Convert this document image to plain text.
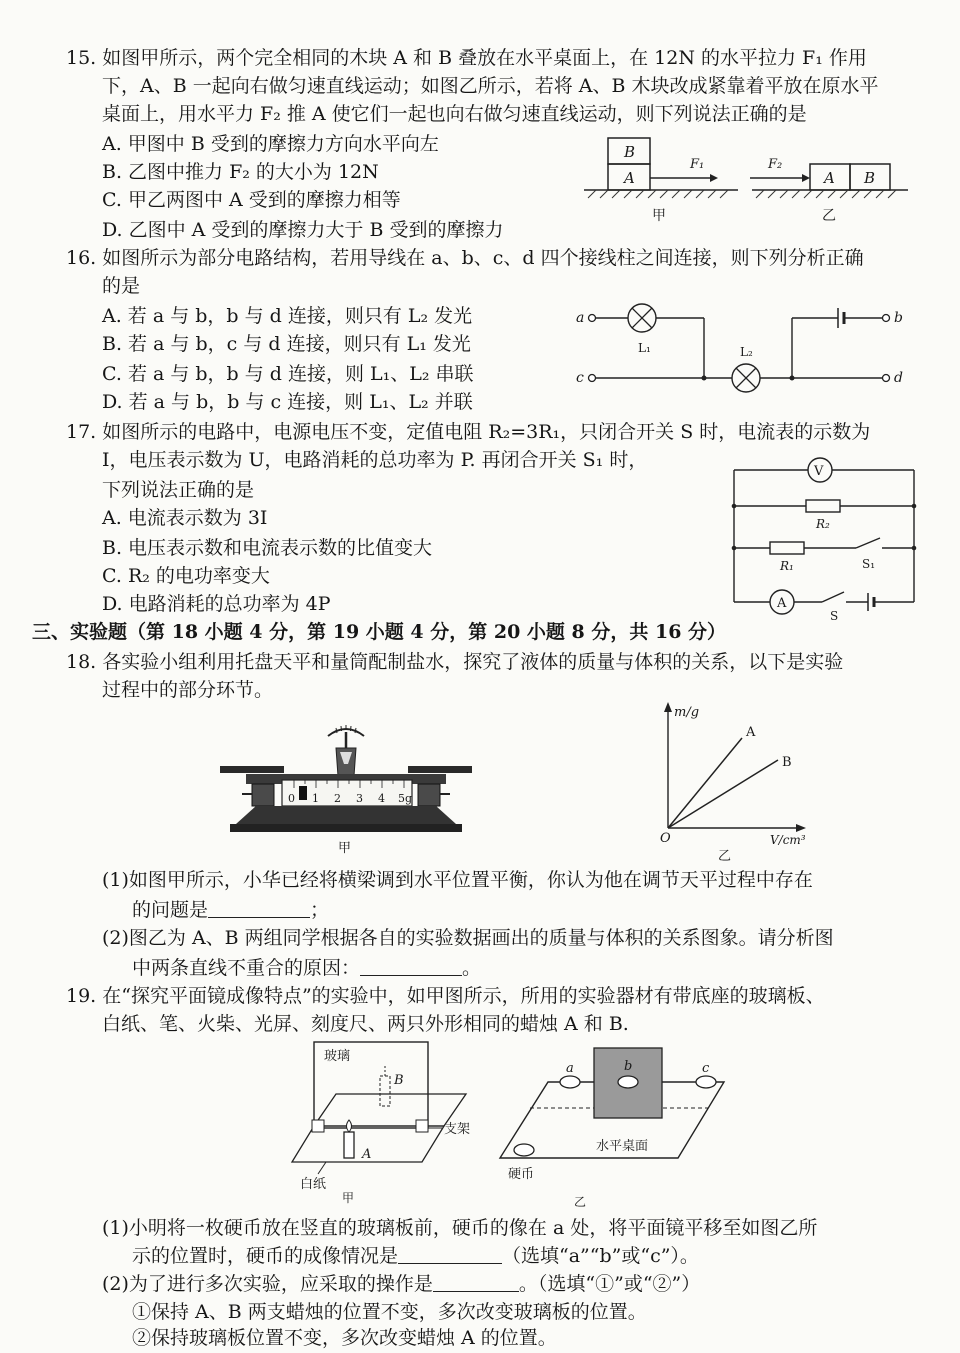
15. 如图甲所示，两个完全相同的木块 A 和 B 叠放在水平桌面上，在 12N 的水平拉力 F₁ 作用
下，A、B 一起向右做匀速直线运动；如图乙所示，若将 A、B 木块改成紧靠着平放在原水平
桌面上，用水平力 F₂ 推 A 使它们一起也向右做匀速直线运动，则下列说法正确的是
A. 甲图中 B 受到的摩擦力方向水平向左
B. 乙图中推力 F₂ 的大小为 12N
C. 甲乙两图中 A 受到的摩擦力相等
D. 乙图中 A 受到的摩擦力大于 B 受到的摩擦力
B
A
F₁
甲
F₂
A B
乙
16. 如图所示为部分电路结构，若用导线在 a、b、c、d 四个接线柱之间连接，则下列分析正确
的是
A. 若 a 与 b，b 与 d 连接，则只有 L₂ 发光
B. 若 a 与 b，c 与 d 连接，则只有 L₁ 发光
C. 若 a 与 b，b 与 d 连接，则 L₁、L₂ 串联
D. 若 a 与 b，b 与 c 连接，则 L₁、L₂ 并联
a
L₁
c
L₂
b
d
17. 如图所示的电路中，电源电压不变，定值电阻 R₂=3R₁，只闭合开关 S 时，电流表的示数为
I，电压表示数为 U，电路消耗的总功率为 P. 再闭合开关 S₁ 时，
下列说法正确的是
A. 电流表示数为 3I
B. 电压表示数和电流表示数的比值变大
C. R₂ 的电功率变大
D. 电路消耗的总功率为 4P
V
R₂
R₁	S₁
A
S
三、实验题（第 18 小题 4 分，第 19 小题 4 分，第 20 小题 8 分，共 16 分）
18. 各实验小组利用托盘天平和量筒配制盐水，探究了液体的质量与体积的关系，以下是实验
过程中的部分环节。
0 1 2 3 4 5g
甲
m/g
V/cm³
O
A
B
乙
(1)如图甲所示，小华已经将横梁调到水平位置平衡，你认为他在调节天平过程中存在
的问题是	；
(2)图乙为 A、B 两组同学根据各自的实验数据画出的质量与体积的关系图象。请分析图
中两条直线不重合的原因：	。
19. 在“探究平面镜成像特点”的实验中，如甲图所示，所用的实验器材有带底座的玻璃板、
白纸、笔、火柴、光屏、刻度尺、两只外形相同的蜡烛 A 和 B.
玻璃
支架
B
A
白纸
甲
a	b	c
硬币
水平桌面
乙
(1)小明将一枚硬币放在竖直的玻璃板前，硬币的像在 a 处，将平面镜平移至如图乙所
示的位置时，硬币的成像情况是	（选填“a”“b”或“c”）。
(2)为了进行多次实验，应采取的操作是	。（选填“①”或“②”）
①保持 A、B 两支蜡烛的位置不变，多次改变玻璃板的位置。
②保持玻璃板位置不变，多次改变蜡烛 A 的位置。
